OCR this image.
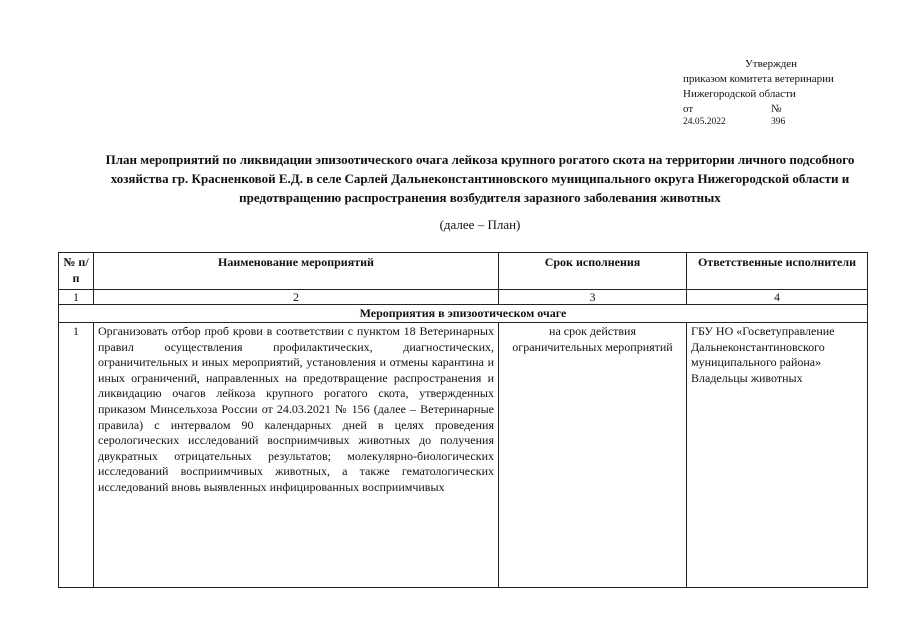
Утвержден
приказом комитета ветеринарии
Нижегородской области
от	№
24.05.2022	396
План мероприятий по ликвидации эпизоотического очага лейкоза крупного рогатого скота на территории личного подсобного хозяйства гр. Красненковой Е.Д. в селе Сарлей Дальнеконстантиновского муниципального округа Нижегородской области и предотвращению распространения возбудителя заразного заболевания животных
(далее – План)
№ п/п	Наименование мероприятий	Срок исполнения	Ответственные исполнители
1	2	3	4
Мероприятия в эпизоотическом очаге			
1	Организовать отбор проб крови в соответствии с пунктом 18 Ветеринарных правил осуществления профилактических, диагностических, ограничительных и иных мероприятий, установления и отмены карантина и иных ограничений, направленных на предотвращение распространения и ликвидацию очагов лейкоза крупного рогатого скота, утвержденных приказом Минсельхоза России от 24.03.2021 № 156 (далее – Ветеринарные правила) с интервалом 90 календарных дней в целях проведения серологических исследований восприимчивых животных до получения двукратных отрицательных результатов; молекулярно-биологических исследований восприимчивых животных, а также гематологических исследований вновь выявленных инфицированных восприимчивых	на срок действия ограничительных мероприятий	ГБУ НО «Госветуправление Дальнеконстантиновского муниципального района» Владельцы животных
